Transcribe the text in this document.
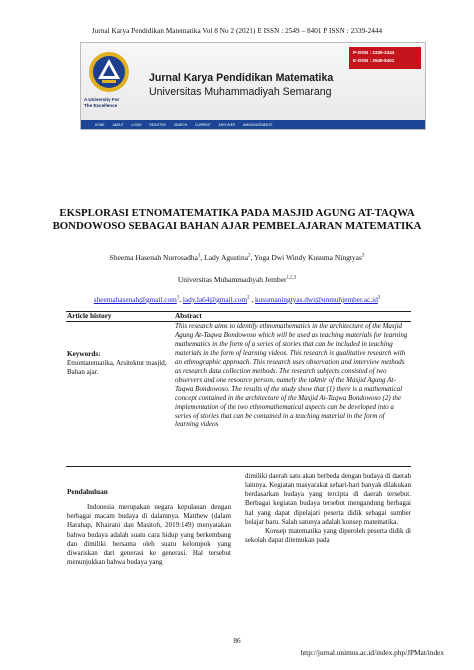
Jurnal Karya Pendidikan Matematika Vol 8 No 2 (2021) E ISSN : 2549 – 8401 P ISSN : 2339-2444
A University For
The Excellence
Jurnal Karya Pendidikan Matematika
Universitas Muhammadiyah Semarang
P-ISSN : 2339-2444
E-ISSN : 2549-8401
HOME	ABOUT	LOGIN	REGISTER	SEARCH	CURRENT	ARCHIVES	ANNOUNCEMENTS
EKSPLORASI ETNOMATEMATIKA PADA MASJID AGUNG AT-TAQWA BONDOWOSO SEBAGAI BAHAN AJAR PEMBELAJARAN MATEMATIKA
Sheema Hasenah Nurrosadha$^1$, Lady Agustina$^2$, Yoga Dwi Windy Kusuma Ningtyas$^3$
Universitas Muhammadiyah Jember$^{1,2,3}$
sheemahasenah@gmail.com$^1$, lady.la64@gmail.com$^2$ , $kusumaningtyas.dwi@unmuhjember.ac.id^3$
Article history	Abstract
Keywords:
Etnomatematika, Arsitektur masjid, Bahan ajar.
This research aims to identify ethnomathematics in the architecture of the Masjid Agung At-Taqwa Bondowoso which will be used as teaching materials for learning mathematics in the form of a series of stories that can be included in teaching materials in the form of learning videos. This research is qualitative research with an ethnographic approach. This research uses observation and interview methods as research data collection methods. The research subjects consisted of two observers and one resource person, namely the takmir of the Masjid Agung At-Taqwa Bondowoso. The results of the study show that (1) there is a mathematical concept contained in the architecture of the Masjid At-Taqwa Bondowoso (2) the implementation of the two ethnomathematical aspects can be developed into a series of stories that can be contained in a teaching material in the form of learning videos
Pendahuluan

Indonesia merupakan negara kepulauan dengan berbagai macam budaya di dalamnya. Matthew (dalam Harahap, Khairani dan Masitoh, 2019:149) menyatakan bahwa budaya adalah suatu cara hidup yang berkembang dan dimiliki bersama oleh suatu kelompok yang diwariskan dari generasi ke generasi. Hal tersebut menunjukkan bahwa budaya yang

dimiliki daerah satu akan berbeda dengan budaya di daerah lainnya. Kegiatan masyarakat sehari-hari banyak dilakukan berdasarkan budaya yang tercipta di daerah tersebut. Berbagai kegiatan budaya tersebut mengandung berbagai hal yang dapat dipelajari peserta didik sebagai sumber belajar baru. Salah satunya adalah konsep matematika.

Konsep matematika yang diperoleh peserta didik di sekolah dapat ditemukan pada

86
http://jurnal.unimus.ac.id/index.php/JPMat/index
